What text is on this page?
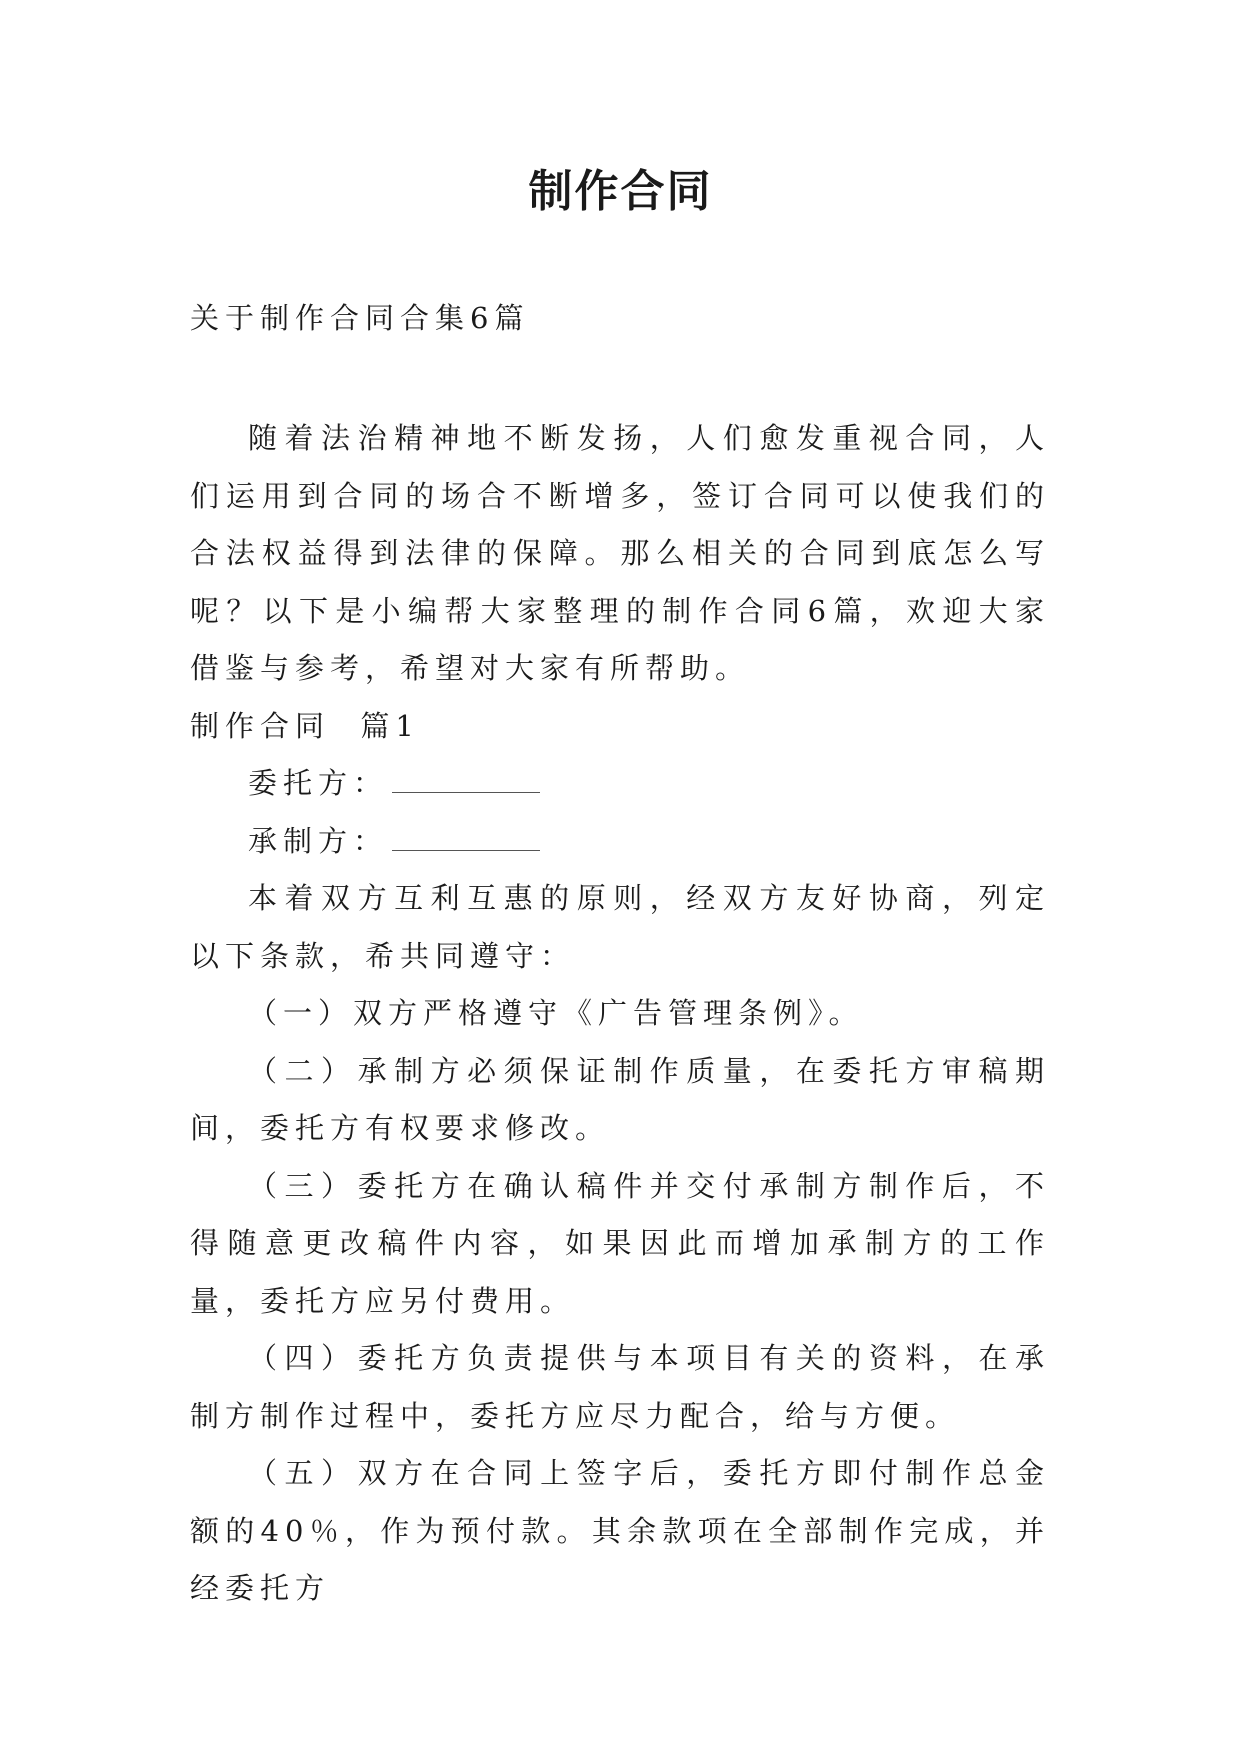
制作合同
关于制作合同合集6篇

随着法治精神地不断发扬，人们愈发重视合同，人们运用到合同的场合不断增多，签订合同可以使我们的合法权益得到法律的保障。那么相关的合同到底怎么写呢？以下是小编帮大家整理的制作合同6篇，欢迎大家借鉴与参考，希望对大家有所帮助。

制作合同  篇1

委托方：

承制方：

本着双方互利互惠的原则，经双方友好协商，列定以下条款，希共同遵守：

（一）双方严格遵守《广告管理条例》。

（二）承制方必须保证制作质量，在委托方审稿期间，委托方有权要求修改。

（三）委托方在确认稿件并交付承制方制作后，不得随意更改稿件内容，如果因此而增加承制方的工作量，委托方应另付费用。

（四）委托方负责提供与本项目有关的资料，在承制方制作过程中，委托方应尽力配合，给与方便。

（五）双方在合同上签字后，委托方即付制作总金额的40％，作为预付款。其余款项在全部制作完成，并经委托方
